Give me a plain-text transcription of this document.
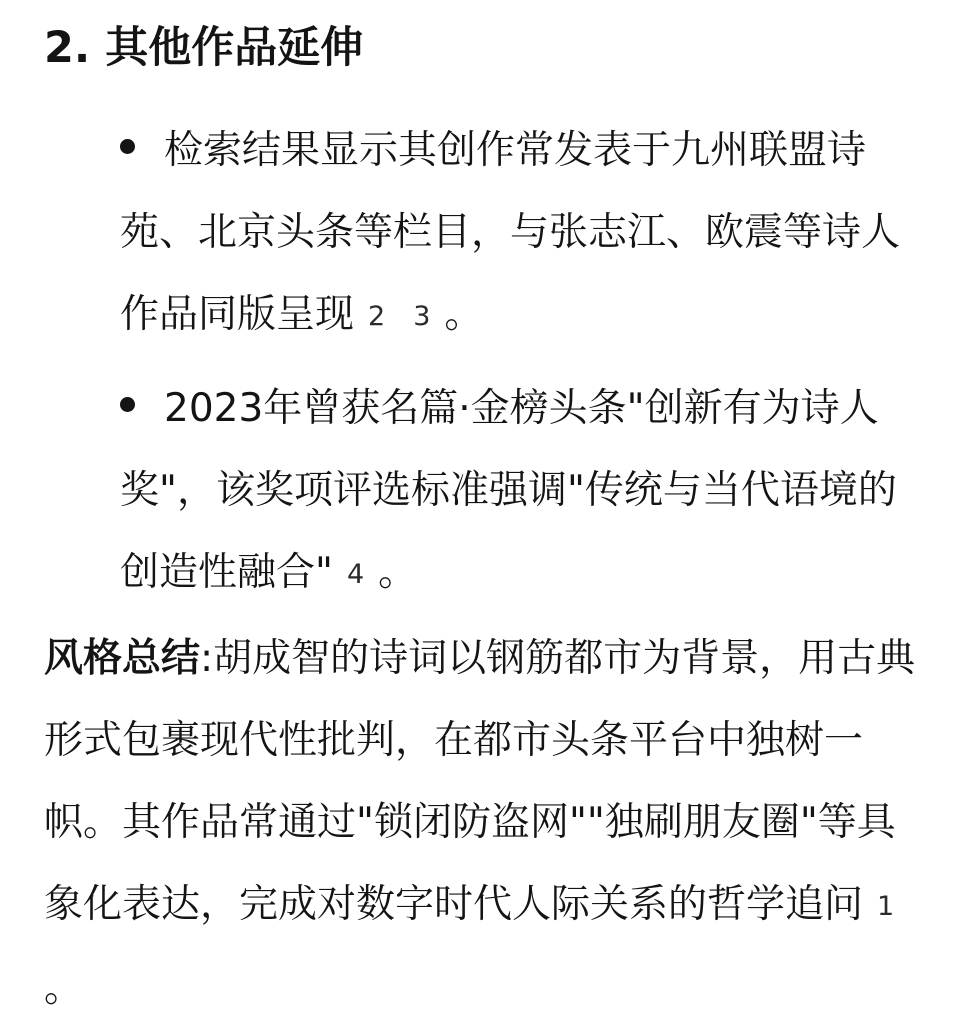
2. 其他作品延伸
检索结果显示其创作常发表于九州联盟诗苑、北京头条等栏目，与张志江、欧震等诗人作品同版呈现 2 3 。
2023年曾获名篇·金榜头条"创新有为诗人奖"，该奖项评选标准强调"传统与当代语境的创造性融合" 4 。

风格总结:胡成智的诗词以钢筋都市为背景，用古典形式包裹现代性批判，在都市头条平台中独树一帜。其作品常通过"锁闭防盗网""独刷朋友圈"等具象化表达，完成对数字时代人际关系的哲学追问 1。
